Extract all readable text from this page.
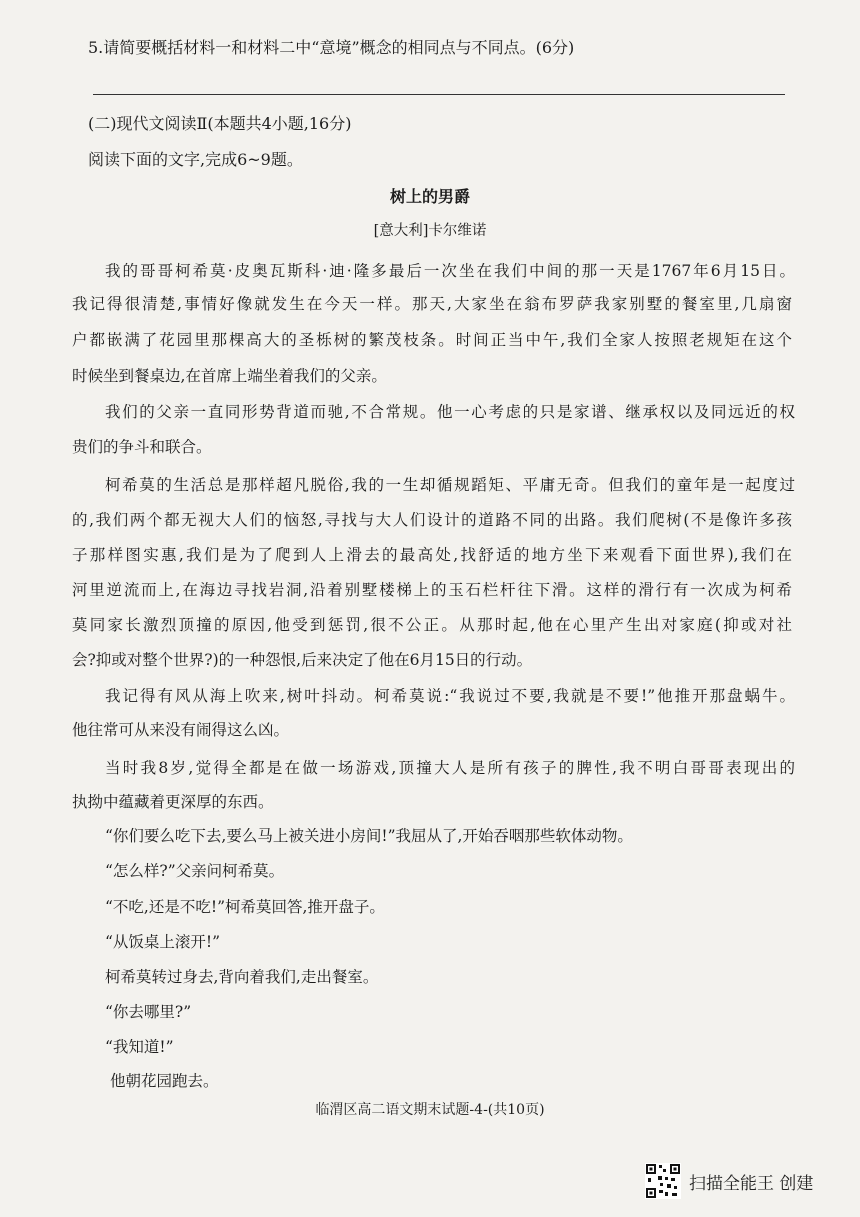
5.请简要概括材料一和材料二中“意境”概念的相同点与不同点。(6分)
(二)现代文阅读Ⅱ(本题共4小题,16分)
阅读下面的文字,完成6~9题。
树上的男爵
[意大利]卡尔维诺
我的哥哥柯希莫·皮奥瓦斯科·迪·隆多最后一次坐在我们中间的那一天是1767年6月15日。
我记得很清楚,事情好像就发生在今天一样。那天,大家坐在翁布罗萨我家别墅的餐室里,几扇窗
户都嵌满了花园里那棵高大的圣栎树的繁茂枝条。时间正当中午,我们全家人按照老规矩在这个
时候坐到餐桌边,在首席上端坐着我们的父亲。
我们的父亲一直同形势背道而驰,不合常规。他一心考虑的只是家谱、继承权以及同远近的权
贵们的争斗和联合。
柯希莫的生活总是那样超凡脱俗,我的一生却循规蹈矩、平庸无奇。但我们的童年是一起度过
的,我们两个都无视大人们的恼怒,寻找与大人们设计的道路不同的出路。我们爬树(不是像许多孩
子那样图实惠,我们是为了爬到人上滑去的最高处,找舒适的地方坐下来观看下面世界),我们在
河里逆流而上,在海边寻找岩洞,沿着别墅楼梯上的玉石栏杆往下滑。这样的滑行有一次成为柯希
莫同家长激烈顶撞的原因,他受到惩罚,很不公正。从那时起,他在心里产生出对家庭(抑或对社
会?抑或对整个世界?)的一种怨恨,后来决定了他在6月15日的行动。
我记得有风从海上吹来,树叶抖动。柯希莫说:“我说过不要,我就是不要!”他推开那盘蜗牛。
他往常可从来没有闹得这么凶。
当时我8岁,觉得全都是在做一场游戏,顶撞大人是所有孩子的脾性,我不明白哥哥表现出的
执拗中蕴藏着更深厚的东西。
“你们要么吃下去,要么马上被关进小房间!”我屈从了,开始吞咽那些软体动物。
“怎么样?”父亲问柯希莫。
“不吃,还是不吃!”柯希莫回答,推开盘子。
“从饭桌上滚开!”
柯希莫转过身去,背向着我们,走出餐室。
“你去哪里?”
“我知道!”
他朝花园跑去。
临渭区高二语文期末试题-4-(共10页)
扫描全能王 创建
